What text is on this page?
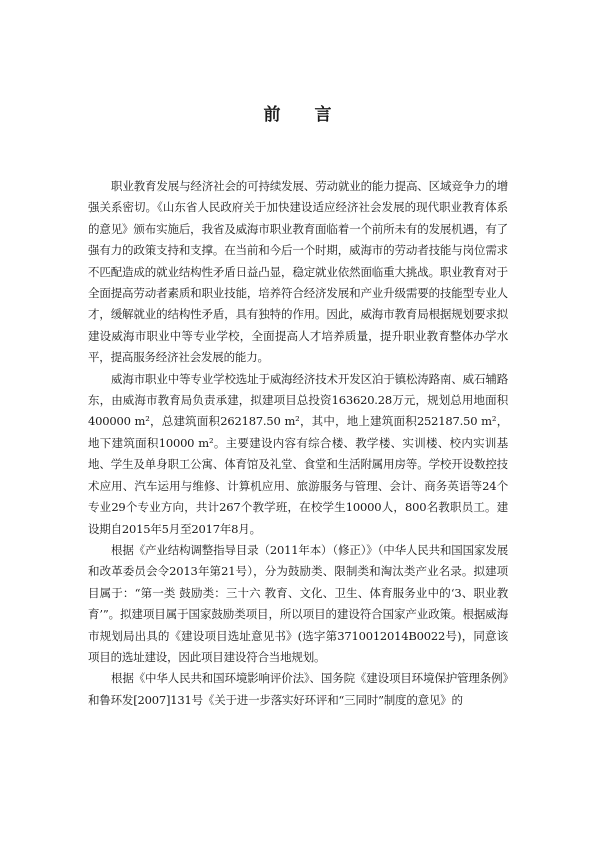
前 言

职业教育发展与经济社会的可持续发展、劳动就业的能力提高、区域竞争力的增强关系密切。《山东省人民政府关于加快建设适应经济社会发展的现代职业教育体系的意见》颁布实施后，我省及威海市职业教育面临着一个前所未有的发展机遇，有了强有力的政策支持和支撑。在当前和今后一个时期，威海市的劳动者技能与岗位需求不匹配造成的就业结构性矛盾日益凸显，稳定就业依然面临重大挑战。职业教育对于全面提高劳动者素质和职业技能，培养符合经济发展和产业升级需要的技能型专业人才，缓解就业的结构性矛盾，具有独特的作用。因此，威海市教育局根据规划要求拟建设威海市职业中等专业学校，全面提高人才培养质量，提升职业教育整体办学水平，提高服务经济社会发展的能力。

威海市职业中等专业学校选址于威海经济技术开发区泊于镇松涛路南、威石辅路东，由威海市教育局负责承建，拟建项目总投资163620.28万元，规划总用地面积400000 m²，总建筑面积262187.50 m²，其中，地上建筑面积252187.50 m²，地下建筑面积10000 m²。主要建设内容有综合楼、教学楼、实训楼、校内实训基地、学生及单身职工公寓、体育馆及礼堂、食堂和生活附属用房等。学校开设数控技术应用、汽车运用与维修、计算机应用、旅游服务与管理、会计、商务英语等24个专业29个专业方向，共计267个教学班，在校学生10000人，800名教职员工。建设期自2015年5月至2017年8月。

根据《产业结构调整指导目录（2011年本）（修正）》（中华人民共和国国家发展和改革委员会令2013年第21号），分为鼓励类、限制类和淘汰类产业名录。拟建项目属于：“第一类 鼓励类：三十六 教育、文化、卫生、体育服务业中的‘3、职业教育’”。拟建项目属于国家鼓励类项目，所以项目的建设符合国家产业政策。根据威海市规划局出具的《建设项目选址意见书》(选字第3710012014B0022号)，同意该项目的选址建设，因此项目建设符合当地规划。

根据《中华人民共和国环境影响评价法》、国务院《建设项目环境保护管理条例》和鲁环发[2007]131号《关于进一步落实好环评和“三同时”制度的意见》的
